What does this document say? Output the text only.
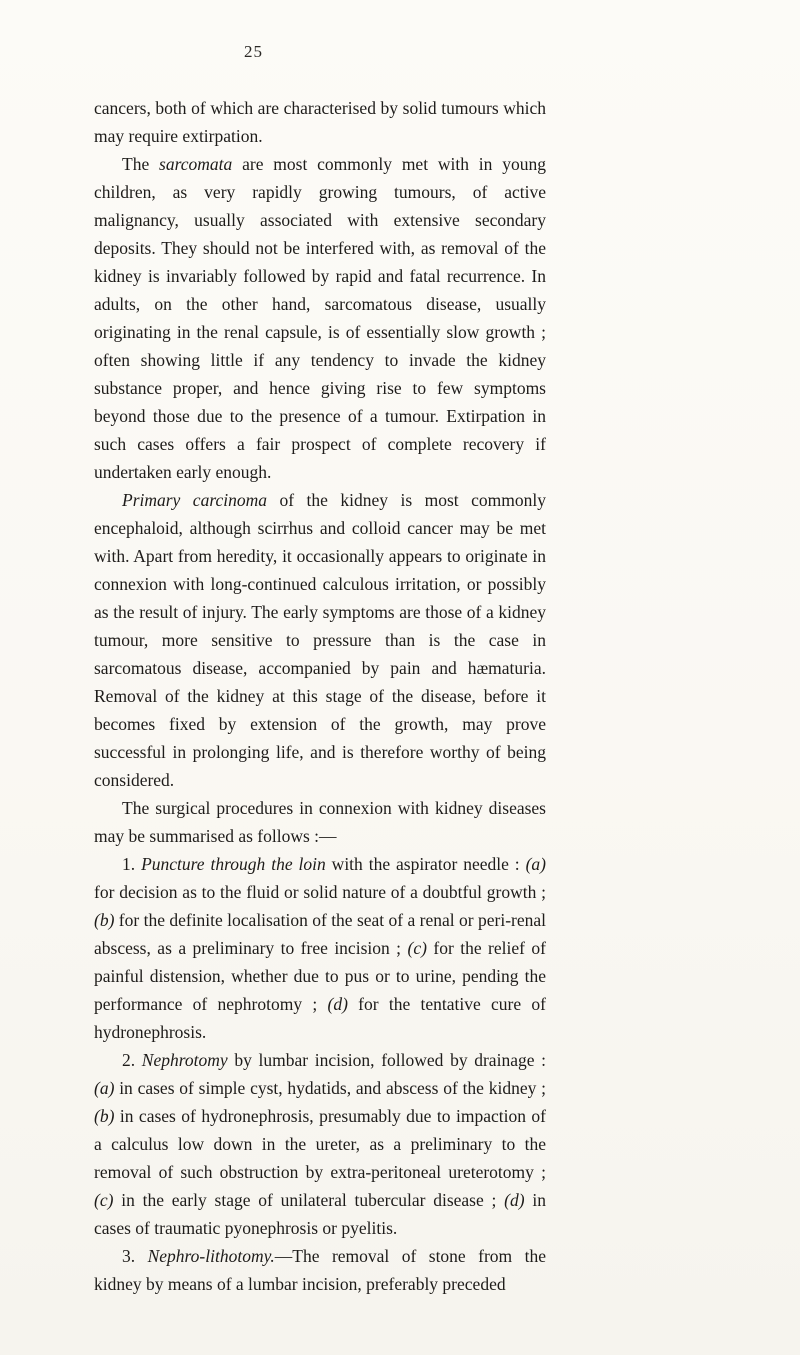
25

cancers, both of which are characterised by solid tumours which may require extirpation.

The sarcomata are most commonly met with in young children, as very rapidly growing tumours, of active malignancy, usually associated with extensive secondary deposits. They should not be interfered with, as removal of the kidney is invariably followed by rapid and fatal recurrence. In adults, on the other hand, sarcomatous disease, usually originating in the renal capsule, is of essentially slow growth ; often showing little if any tendency to invade the kidney substance proper, and hence giving rise to few symptoms beyond those due to the presence of a tumour. Extirpation in such cases offers a fair prospect of complete recovery if undertaken early enough.

Primary carcinoma of the kidney is most commonly encephaloid, although scirrhus and colloid cancer may be met with. Apart from heredity, it occasionally appears to originate in connexion with long-continued calculous irritation, or possibly as the result of injury. The early symptoms are those of a kidney tumour, more sensitive to pressure than is the case in sarcomatous disease, accompanied by pain and hæmaturia. Removal of the kidney at this stage of the disease, before it becomes fixed by extension of the growth, may prove successful in prolonging life, and is therefore worthy of being considered.

The surgical procedures in connexion with kidney diseases may be summarised as follows :—

1. Puncture through the loin with the aspirator needle : (a) for decision as to the fluid or solid nature of a doubtful growth ; (b) for the definite localisation of the seat of a renal or peri-renal abscess, as a preliminary to free incision ; (c) for the relief of painful distension, whether due to pus or to urine, pending the performance of nephrotomy ; (d) for the tentative cure of hydronephrosis.

2. Nephrotomy by lumbar incision, followed by drainage : (a) in cases of simple cyst, hydatids, and abscess of the kidney ; (b) in cases of hydronephrosis, presumably due to impaction of a calculus low down in the ureter, as a preliminary to the removal of such obstruction by extra-peritoneal ureterotomy ; (c) in the early stage of unilateral tubercular disease ; (d) in cases of traumatic pyonephrosis or pyelitis.

3. Nephro-lithotomy.—The removal of stone from the kidney by means of a lumbar incision, preferably preceded
